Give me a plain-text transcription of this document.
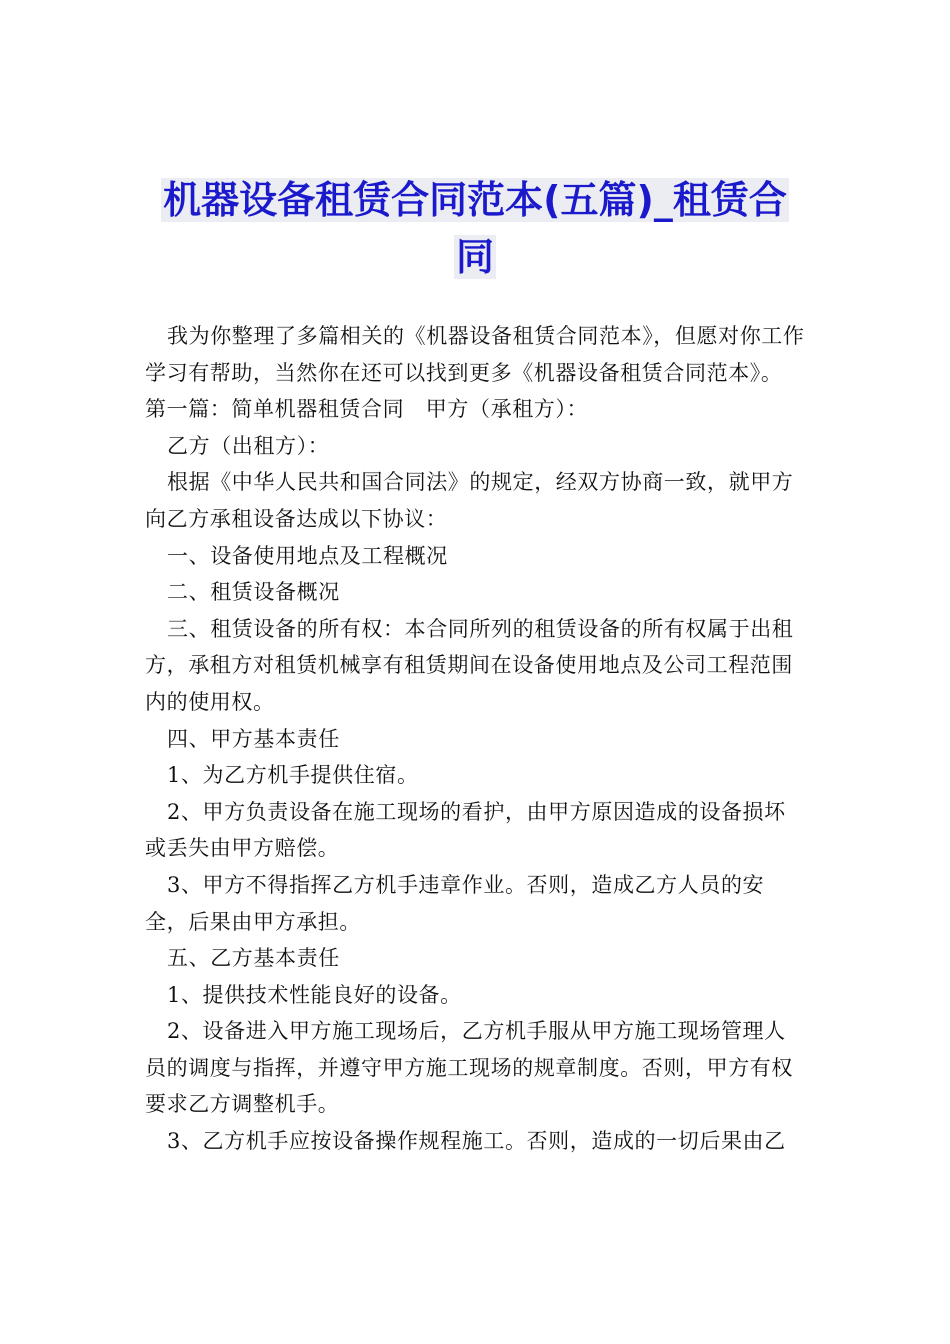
机器设备租赁合同范本(五篇)_租赁合
同

我为你整理了多篇相关的《机器设备租赁合同范本》，但愿对你工作学习有帮助，当然你在还可以找到更多《机器设备租赁合同范本》。

第一篇：简单机器租赁合同　甲方（承租方）：

乙方（出租方）：

根据《中华人民共和国合同法》的规定，经双方协商一致，就甲方向乙方承租设备达成以下协议：

一、设备使用地点及工程概况

二、租赁设备概况

三、租赁设备的所有权：本合同所列的租赁设备的所有权属于出租方，承租方对租赁机械享有租赁期间在设备使用地点及公司工程范围内的使用权。

四、甲方基本责任

1、为乙方机手提供住宿。

2、甲方负责设备在施工现场的看护，由甲方原因造成的设备损坏或丢失由甲方赔偿。

3、甲方不得指挥乙方机手违章作业。否则，造成乙方人员的安全，后果由甲方承担。

五、乙方基本责任

1、提供技术性能良好的设备。

2、设备进入甲方施工现场后，乙方机手服从甲方施工现场管理人员的调度与指挥，并遵守甲方施工现场的规章制度。否则，甲方有权要求乙方调整机手。

3、乙方机手应按设备操作规程施工。否则，造成的一切后果由乙
